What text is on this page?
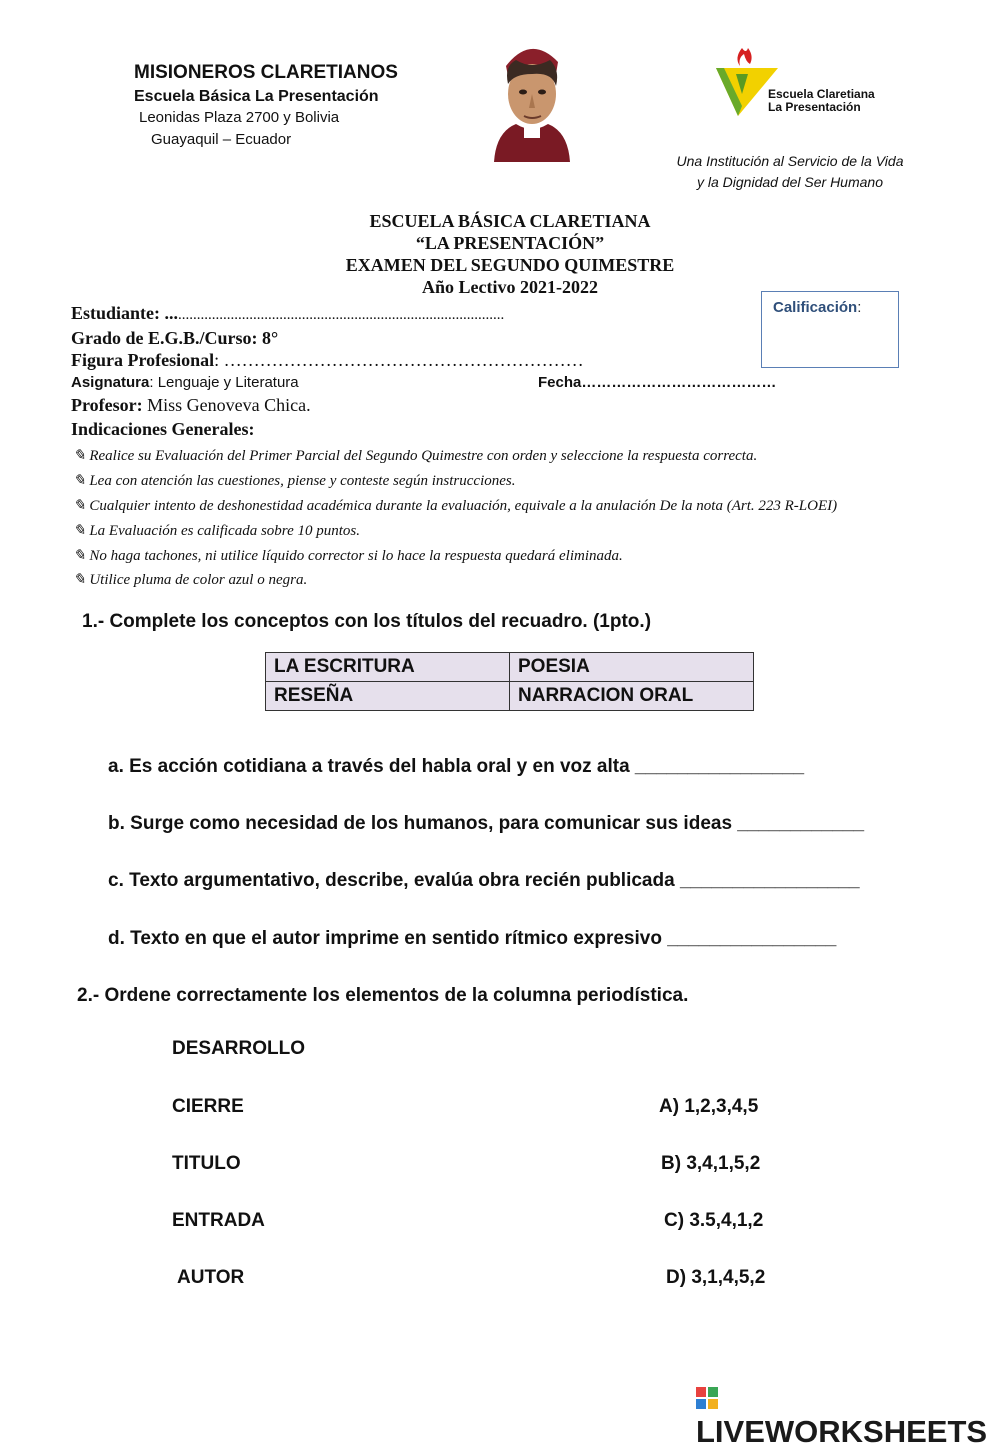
MISIONEROS CLARETIANOS
Escuela Básica La Presentación
Leonidas Plaza 2700 y Bolivia
Guayaquil – Ecuador
Escuela Claretiana
La Presentación
Una Institución al Servicio de la Vida
y la Dignidad del Ser Humano
ESCUELA BÁSICA CLARETIANA
“LA PRESENTACIÓN”
EXAMEN DEL SEGUNDO QUIMESTRE
Año Lectivo 2021-2022
Estudiante: ..........................................................................................
Grado de E.G.B./Curso: 8°
Figura Profesional: ……………………………………………………
Asignatura: Lenguaje y Literatura	Fecha…………………………………
Profesor: Miss Genoveva Chica.
Calificación:
Indicaciones Generales:
✎ Realice su Evaluación del Primer Parcial del Segundo Quimestre con orden y seleccione la respuesta correcta.
✎ Lea con atención las cuestiones, piense y conteste según instrucciones.
✎ Cualquier intento de deshonestidad académica durante la evaluación, equivale a la anulación De la nota (Art. 223 R-LOEI)
✎ La Evaluación es calificada sobre 10 puntos.
✎ No haga tachones, ni utilice líquido corrector si lo hace la respuesta quedará eliminada.
✎ Utilice pluma de color azul o negra.
1.- Complete los conceptos con los títulos del recuadro. (1pto.)
LA ESCRITURA	POESIA
RESEÑA	NARRACION ORAL
a. Es acción cotidiana a través del habla oral y en voz alta ________________
b. Surge como necesidad de los humanos, para comunicar sus ideas ____________
c. Texto argumentativo, describe, evalúa obra recién publicada _________________
d. Texto en que el autor imprime en sentido rítmico expresivo ________________
2.- Ordene correctamente los elementos de la columna periodística.
DESARROLLO
CIERRE
TITULO
ENTRADA
AUTOR
A) 1,2,3,4,5
B) 3,4,1,5,2
C) 3.5,4,1,2
D) 3,1,4,5,2
LIVEWORKSHEETS
